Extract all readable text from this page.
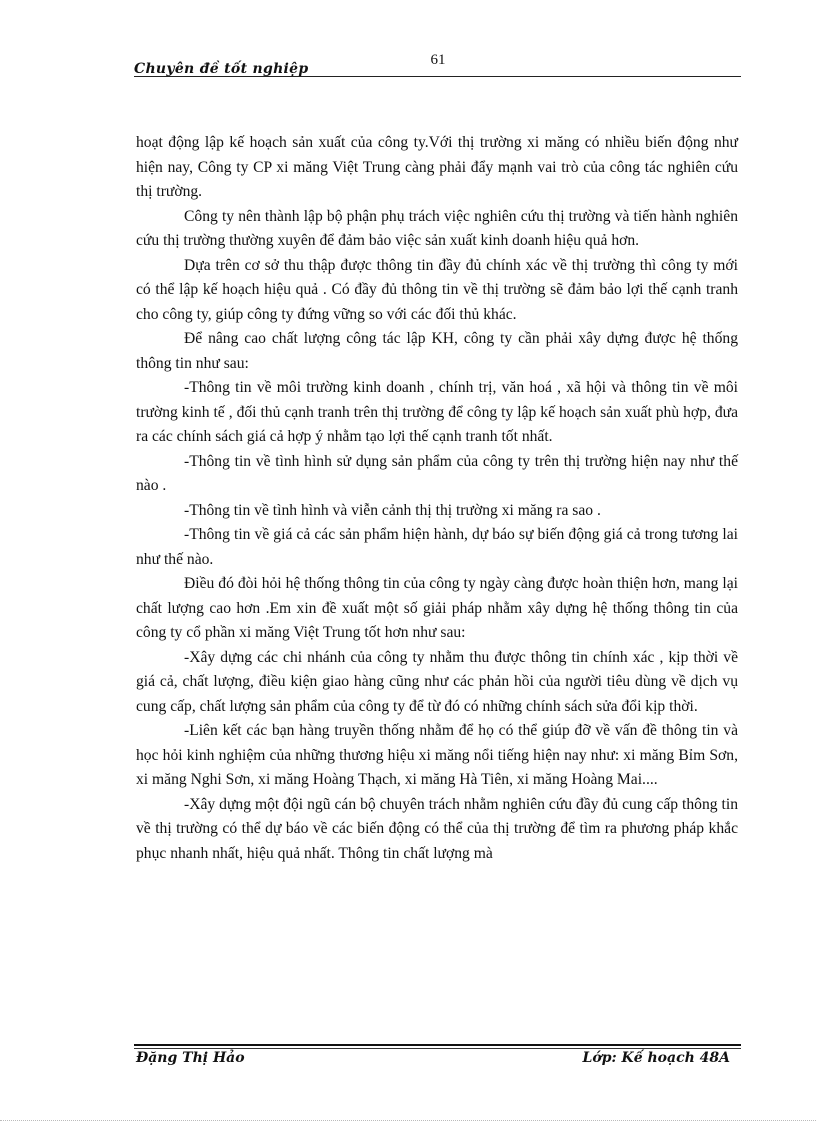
Chuyên đề tốt nghiệp
61

hoạt động lập kế hoạch sản xuất của công ty.Với thị trường xi măng có nhiều biến động như hiện nay, Công ty CP xi măng Việt Trung càng phải đẩy mạnh vai trò của công tác nghiên cứu thị trường.

Công ty nên thành lập bộ phận phụ trách việc nghiên cứu thị trường và tiến hành nghiên cứu thị trường thường xuyên để đảm bảo việc sản xuất kinh doanh hiệu quả hơn.

Dựa trên cơ sở thu thập được thông tin đầy đủ chính xác về thị trường thì công ty mới có thể lập kế hoạch hiệu quả . Có đầy đủ thông tin về thị trường sẽ đảm bảo lợi thế cạnh tranh cho công ty, giúp công ty đứng vững so với các đối thủ khác.

Để nâng cao chất lượng công tác lập KH, công ty cần phải xây dựng được hệ thống thông tin như sau:

-Thông tin về môi trường kinh doanh , chính trị, văn hoá , xã hội và thông tin về môi trường kinh tế , đối thủ cạnh tranh trên thị trường để công ty lập kế hoạch sản xuất phù hợp, đưa ra các chính sách giá cả hợp ý nhằm tạo lợi thế cạnh tranh tốt nhất.

-Thông tin về tình hình sử dụng sản phẩm của công ty trên thị trường hiện nay như thế nào .

-Thông tin về tình hình và viễn cảnh thị thị trường xi măng ra sao .

-Thông tin về giá cả các sản phẩm hiện hành, dự báo sự biến động giá cả trong tương lai như thế nào.

Điều đó đòi hỏi hệ thống thông tin của công ty ngày càng được hoàn thiện hơn, mang lại chất lượng cao hơn .Em xin đề xuất một số giải pháp nhằm xây dựng hệ thống thông tin của công ty cổ phần xi măng Việt Trung tốt hơn như sau:

-Xây dựng các chi nhánh của công ty nhằm thu được thông tin chính xác , kịp thời về giá cả, chất lượng, điều kiện giao hàng cũng như các phản hồi của người tiêu dùng về dịch vụ cung cấp, chất lượng sản phẩm của công ty để từ đó có những chính sách sửa đổi kịp thời.

-Liên kết các bạn hàng truyền thống nhằm để họ có thể giúp đỡ về vấn đề thông tin và học hỏi kinh nghiệm của những thương hiệu xi măng nổi tiếng hiện nay như: xi măng Bỉm Sơn, xi măng Nghi Sơn, xi măng Hoàng Thạch, xi măng Hà Tiên, xi măng Hoàng Mai....

-Xây dựng một đội ngũ cán bộ chuyên trách nhằm nghiên cứu đầy đủ cung cấp thông tin về thị trường có thể dự báo về các biến động có thể của thị trường để tìm ra phương pháp khắc phục nhanh nhất, hiệu quả nhất. Thông tin chất lượng mà

Đặng Thị Hảo	Lớp: Kế hoạch 48A
